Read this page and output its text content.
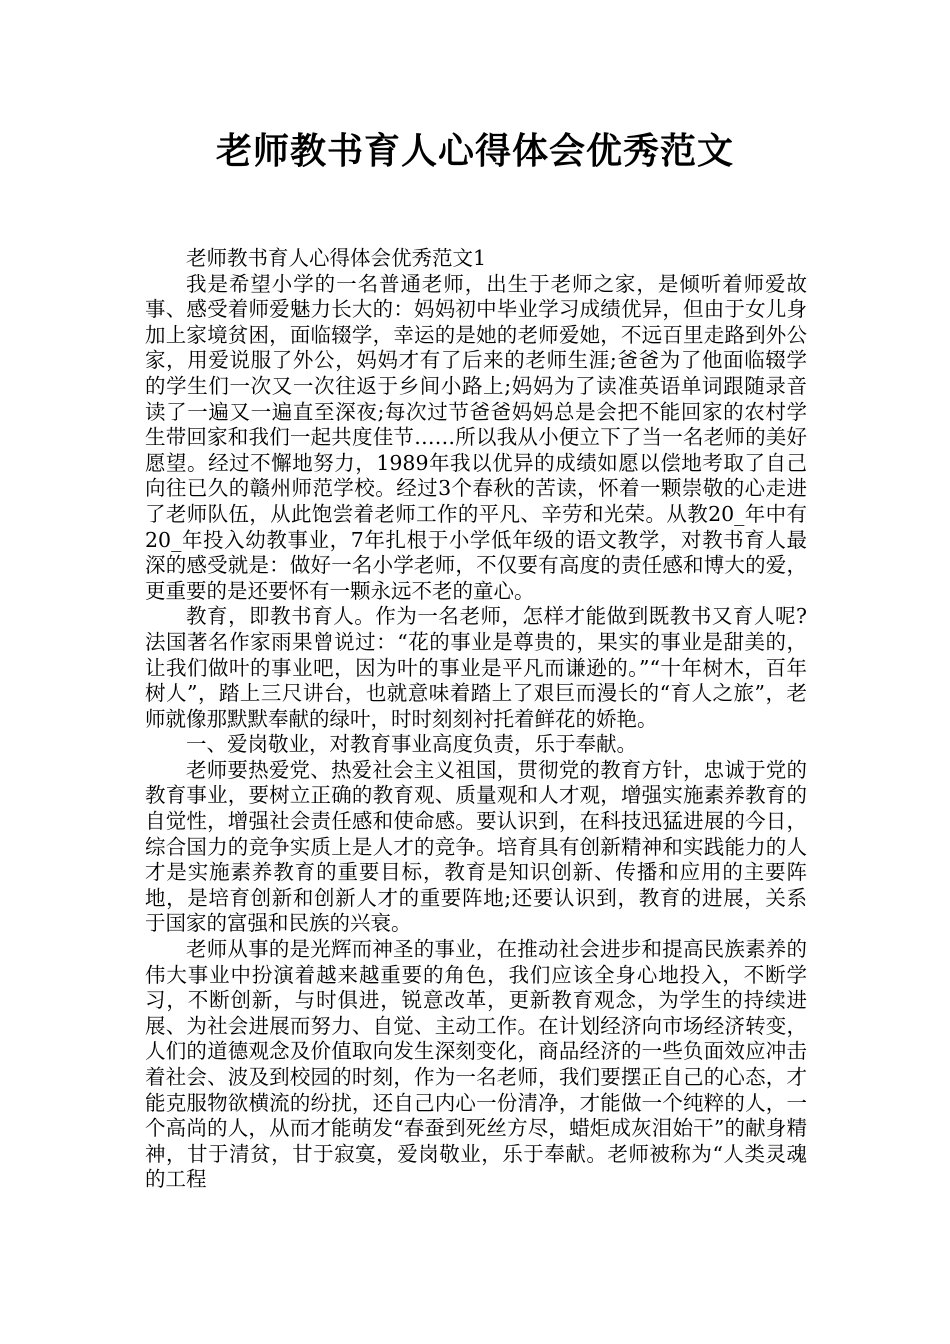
老师教书育人心得体会优秀范文

老师教书育人心得体会优秀范文1

我是希望小学的一名普通老师，出生于老师之家，是倾听着师爱故事、感受着师爱魅力长大的：妈妈初中毕业学习成绩优异，但由于女儿身加上家境贫困，面临辍学，幸运的是她的老师爱她，不远百里走路到外公家，用爱说服了外公，妈妈才有了后来的老师生涯;爸爸为了他面临辍学的学生们一次又一次往返于乡间小路上;妈妈为了读准英语单词跟随录音读了一遍又一遍直至深夜;每次过节爸爸妈妈总是会把不能回家的农村学生带回家和我们一起共度佳节……所以我从小便立下了当一名老师的美好愿望。经过不懈地努力，1989年我以优异的成绩如愿以偿地考取了自己向往已久的赣州师范学校。经过3个春秋的苦读，怀着一颗崇敬的心走进了老师队伍，从此饱尝着老师工作的平凡、辛劳和光荣。从教20_年中有20_年投入幼教事业，7年扎根于小学低年级的语文教学，对教书育人最深的感受就是：做好一名小学老师，不仅要有高度的责任感和博大的爱，更重要的是还要怀有一颗永远不老的童心。

教育，即教书育人。作为一名老师，怎样才能做到既教书又育人呢?法国著名作家雨果曾说过：“花的事业是尊贵的，果实的事业是甜美的，让我们做叶的事业吧，因为叶的事业是平凡而谦逊的。”“十年树木，百年树人”，踏上三尺讲台，也就意味着踏上了艰巨而漫长的“育人之旅”，老师就像那默默奉献的绿叶，时时刻刻衬托着鲜花的娇艳。

一、爱岗敬业，对教育事业高度负责，乐于奉献。

老师要热爱党、热爱社会主义祖国，贯彻党的教育方针，忠诚于党的教育事业，要树立正确的教育观、质量观和人才观，增强实施素养教育的自觉性，增强社会责任感和使命感。要认识到，在科技迅猛进展的今日，综合国力的竞争实质上是人才的竞争。培育具有创新精神和实践能力的人才是实施素养教育的重要目标，教育是知识创新、传播和应用的主要阵地，是培育创新和创新人才的重要阵地;还要认识到，教育的进展，关系于国家的富强和民族的兴衰。

老师从事的是光辉而神圣的事业，在推动社会进步和提高民族素养的伟大事业中扮演着越来越重要的角色，我们应该全身心地投入，不断学习，不断创新，与时俱进，锐意改革，更新教育观念，为学生的持续进展、为社会进展而努力、自觉、主动工作。在计划经济向市场经济转变，人们的道德观念及价值取向发生深刻变化，商品经济的一些负面效应冲击着社会、波及到校园的时刻，作为一名老师，我们要摆正自己的心态，才能克服物欲横流的纷扰，还自己内心一份清净，才能做一个纯粹的人，一个高尚的人，从而才能萌发“春蚕到死丝方尽，蜡炬成灰泪始干”的献身精神，甘于清贫，甘于寂寞，爱岗敬业，乐于奉献。老师被称为“人类灵魂的工程
